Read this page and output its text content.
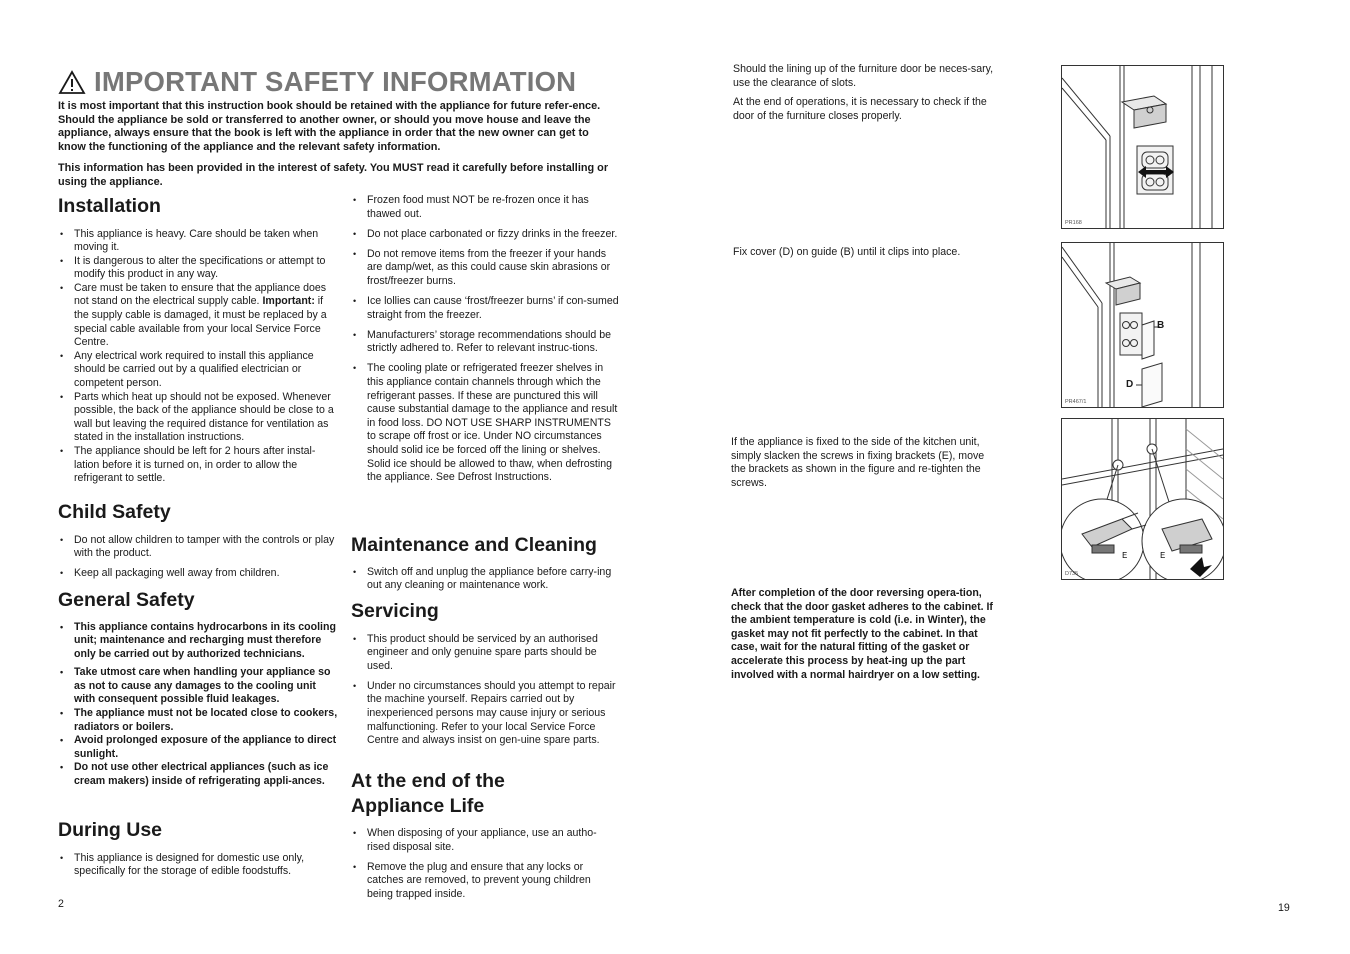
IMPORTANT SAFETY INFORMATION
It is most important that this instruction book should be retained with the appliance for future refer-ence. Should the appliance be sold or transferred to another owner, or should you move house and leave the appliance, always ensure that the book is left with the appliance in order that the new owner can get to know the functioning of the appliance and the relevant safety information.
This information has been provided in the interest of safety. You MUST read it carefully before installing or using the appliance.
Installation
• This appliance is heavy. Care should be taken when moving it.
• It is dangerous to alter the specifications or attempt to modify this product in any way.
• Care must be taken to ensure that the appliance does not stand on the electrical supply cable. Important: if the supply cable is damaged, it must be replaced by a special cable available from your local Service Force Centre.
• Any electrical work required to install this appliance should be carried out by a qualified electrician or competent person.
• Parts which heat up should not be exposed. Whenever possible, the back of the appliance should be close to a wall but leaving the required distance for ventilation as stated in the installation instructions.
• The appliance should be left for 2 hours after instal-lation before it is turned on, in order to allow the refrigerant to settle.
Child Safety
• Do not allow children to tamper with the controls or play with the product.
• Keep all packaging well away from children.
General Safety
• This appliance contains hydrocarbons in its cooling unit; maintenance and recharging must therefore only be carried out by authorized technicians.
• Take utmost care when handling your appliance so as not to cause any damages to the cooling unit with consequent possible fluid leakages.
• The appliance must not be located close to cookers, radiators or boilers.
• Avoid prolonged exposure of the appliance to direct sunlight.
• Do not use other electrical appliances (such as ice cream makers) inside of refrigerating appli-ances.
During Use
• This appliance is designed for domestic use only, specifically for the storage of edible foodstuffs.
• Frozen food must NOT be re-frozen once it has thawed out.
• Do not place carbonated or fizzy drinks in the freezer.
• Do not remove items from the freezer if your hands are damp/wet, as this could cause skin abrasions or frost/freezer burns.
• Ice lollies can cause ‘frost/freezer burns’ if con-sumed straight from the freezer.
• Manufacturers’ storage recommendations should be strictly adhered to. Refer to relevant instruc-tions.
• The cooling plate or refrigerated freezer shelves in this appliance contain channels through which the refrigerant passes. If these are punctured this will cause substantial damage to the appliance and result in food loss. DO NOT USE SHARP INSTRUMENTS to scrape off frost or ice. Under NO circumstances should solid ice be forced off the lining or shelves. Solid ice should be allowed to thaw, when defrosting the appliance. See Defrost Instructions.
Maintenance and Cleaning
• Switch off and unplug the appliance before carry-ing out any cleaning or maintenance work.
Servicing
• This product should be serviced by an authorised engineer and only genuine spare parts should be used.
• Under no circumstances should you attempt to repair the machine yourself. Repairs carried out by inexperienced persons may cause injury or serious malfunctioning. Refer to your local Service Force Centre and always insist on gen-uine spare parts.
At the end of the
Appliance Life
• When disposing of your appliance, use an autho-rised disposal site.
• Remove the plug and ensure that any locks or catches are removed, to prevent young children being trapped inside.
2

Should the lining up of the furniture door be neces-sary, use the clearance of slots.

At the end of operations, it is necessary to check if the door of the furniture closes properly.

Fix cover (D) on guide (B) until it clips into place.

If the appliance is fixed to the side of the kitchen unit, simply slacken the screws in fixing brackets (E), move the brackets as shown in the figure and re-tighten the screws.

After completion of the door reversing opera-tion, check that the door gasket adheres to the cabinet. If the ambient temperature is cold (i.e. in Winter), the gasket may not fit perfectly to the cabinet. In that case, wait for the natural fitting of the gasket or accelerate this process by heat-ing up the part involved with a normal hairdryer on a low setting.

PR168
B
D
PR467/1
E	E
D735
19
